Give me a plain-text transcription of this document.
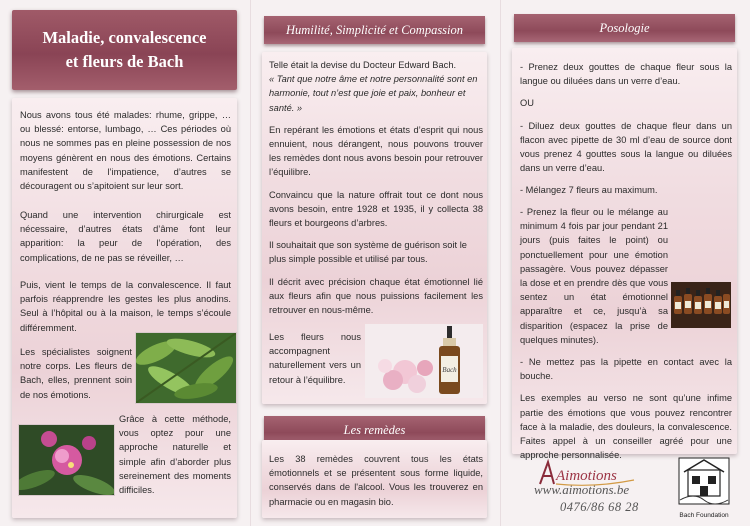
Maladie, convalescence
et fleurs de Bach

Nous avons tous été malades: rhume, grippe, … ou blessé: entorse, lumbago, … Ces périodes où nous ne sommes pas en pleine possession de nos moyens génèrent en nous des émotions. Certains manifestent de l’impatience, d’autres se découragent ou s’apitoient sur leur sort.

Quand une intervention chirurgicale est nécessaire, d’autres états d’âme font leur apparition: la peur de l’opération, des complications, de ne pas se réveiller, …

Puis, vient le temps de la convalescence. Il faut parfois réapprendre les gestes les plus anodins. Seul à l’hôpital ou à la maison, le temps s’écoule différemment.

Les spécialistes soignent notre corps. Les fleurs de Bach, elles, prennent soin de nos émotions.

Grâce à cette méthode, vous optez pour une approche naturelle et simple afin d’aborder plus sereinement des moments difficiles.

Humilité, Simplicité et Compassion

Telle était la devise du Docteur Edward Bach.

« Tant que notre âme et notre personnalité sont en harmonie, tout n’est que joie et paix, bonheur et santé. »

En repérant les émotions et états d’esprit qui nous ennuient, nous dérangent, nous pouvons trouver les remèdes dont nous avons besoin pour retrouver l’équilibre.

Convaincu que la nature offrait tout ce dont nous avons besoin, entre 1928 et 1935, il y collecta 38 fleurs et bourgeons d’arbres.

Il souhaitait que son système de guérison soit le plus simple possible et utilisé par tous.

Il décrit avec précision chaque état émotionnel lié aux fleurs afin que nous puissions facilement les retrouver en nous-même.

Les fleurs nous accompagnent naturellement vers un retour à l’équilibre.

Bach
Les remèdes

Les 38 remèdes couvrent tous les états émotionnels et se présentent sous forme liquide, conservés dans de l'alcool. Vous les trouverez en pharmacie ou en magasin bio.

Posologie

- Prenez deux gouttes de chaque fleur sous la langue ou diluées dans un verre d’eau.

OU

- Diluez deux gouttes de chaque fleur dans un flacon avec pipette de 30 ml d’eau de source dont vous prenez 4 gouttes sous la langue ou diluées dans un verre d’eau.

- Mélangez 7 fleurs au maximum.

- Prenez la fleur ou le mélange au minimum 4 fois par jour pendant 21 jours (puis faites le point) ou ponctuellement pour une émotion passagère. Vous pouvez dépasser la dose et en prendre dès que vous sentez un état émotionnel apparaître et ce, jusqu’à sa disparition (espacez la prise de quelques minutes).

- Ne mettez pas la pipette en contact avec la bouche.

Les exemples au verso ne sont qu’une infime partie des émotions que vous pouvez rencontrer face à la maladie, des douleurs, la convalescence. Faites appel à un conseiller agréé pour une approche personnalisée.

Aimotions
www.aimotions.be
0476/86 68 28
Bach Foundation
